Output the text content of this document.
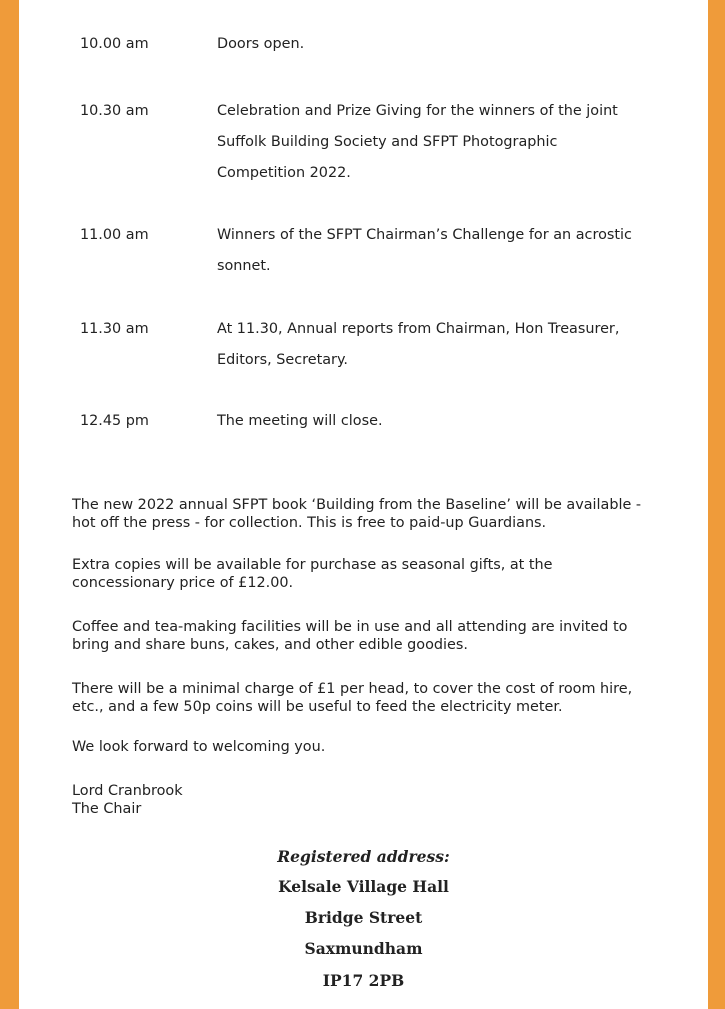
10.00 am	Doors open.
10.30 am	Celebration and Prize Giving for the winners of the joint
Suffolk Building Society and SFPT Photographic
Competition 2022.
11.00 am	Winners of the SFPT Chairman’s Challenge for an acrostic
sonnet.
11.30 am	At 11.30, Annual reports from Chairman, Hon Treasurer,
Editors, Secretary.
12.45 pm	The meeting will close.

The new 2022 annual SFPT book ‘Building from the Baseline’ will be available -
hot off the press - for collection. This is free to paid-up Guardians.

Extra copies will be available for purchase as seasonal gifts, at the
concessionary price of £12.00.

Coffee and tea-making facilities will be in use and all attending are invited to
bring and share buns, cakes, and other edible goodies.

There will be a minimal charge of £1 per head, to cover the cost of room hire,
etc., and a few 50p coins will be useful to feed the electricity meter.

We look forward to welcoming you.

Lord Cranbrook
The Chair

Registered address:
Kelsale Village Hall
Bridge Street
Saxmundham
IP17 2PB
